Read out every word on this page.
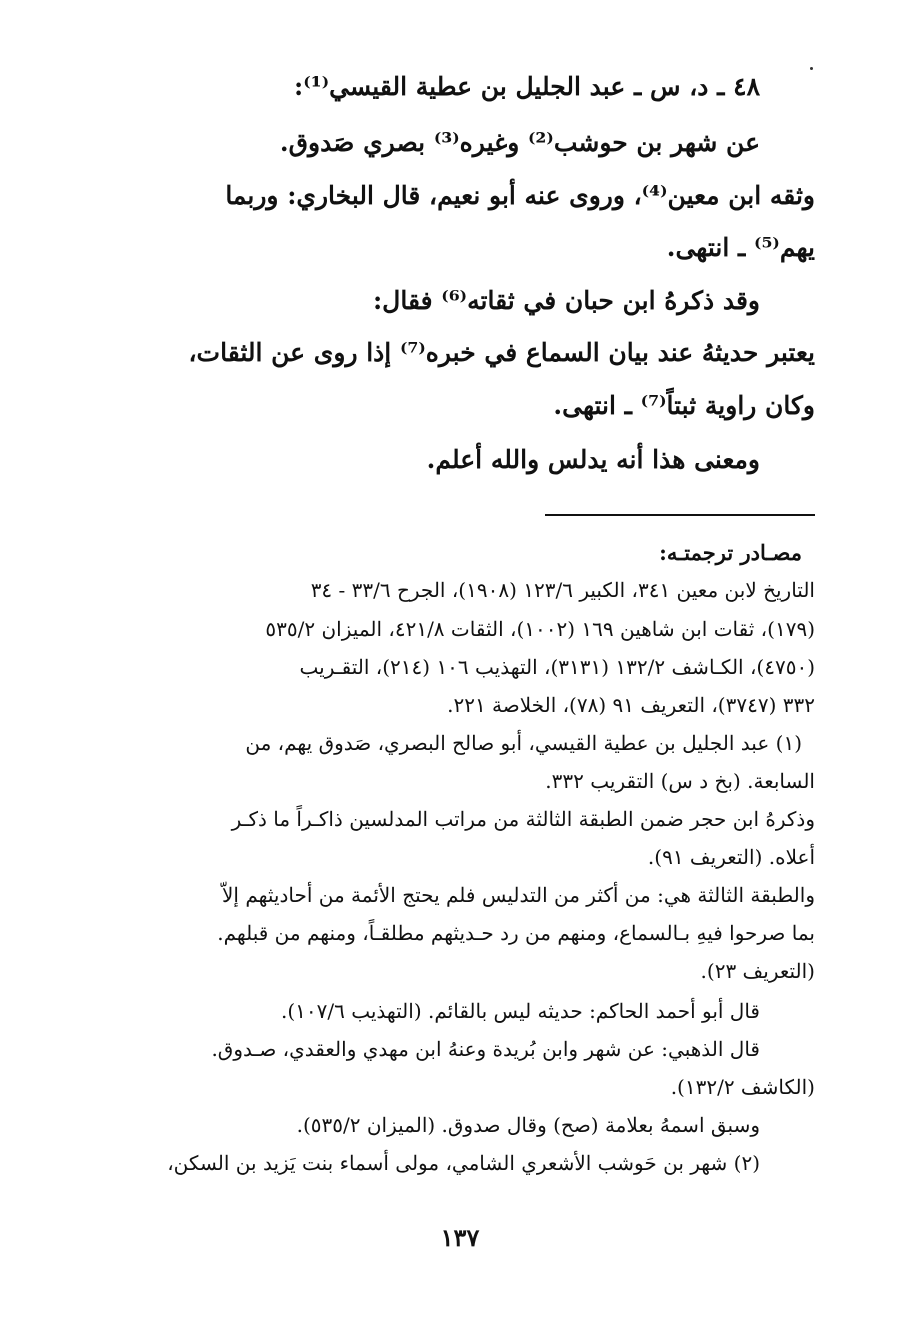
٤٨ ـ د، س ـ عبد الجليل بن عطية القيسي⁽¹⁾:
عن شهر بن حوشب⁽²⁾ وغيره⁽³⁾ بصري صَدوق.
وثقه ابن معين⁽⁴⁾، وروى عنه أبو نعيم، قال البخاري: وربما
يهم⁽⁵⁾ ـ انتهى.
وقد ذكرهُ ابن حبان في ثقاته⁽⁶⁾ فقال:
يعتبر حديثهُ عند بيان السماع في خبره⁽⁷⁾ إذا روى عن الثقات،
وكان راوية ثبتاً⁽⁷⁾ ـ انتهى.
ومعنى هذا أنه يدلس والله أعلم.
مصـادر ترجمتـه:
التاريخ لابن معين ٣٤١، الكبير ١٢٣/٦ (١٩٠٨)، الجرح ٣٣/٦ - ٣٤
(١٧٩)، ثقات ابن شاهين ١٦٩ (١٠٠٢)، الثقات ٤٢١/٨، الميزان ٥٣٥/٢
(٤٧٥٠)، الكـاشف ١٣٢/٢ (٣١٣١)، التهذيب ١٠٦ (٢١٤)، التقـريب
٣٣٢ (٣٧٤٧)، التعريف ٩١ (٧٨)، الخلاصة ٢٢١.
(١) عبد الجليل بن عطية القيسي، أبو صالح البصري، صَدوق يهم، من
السابعة. (بخ د س) التقريب ٣٣٢.
وذكرهُ ابن حجر ضمن الطبقة الثالثة من مراتب المدلسين ذاكـراً ما ذكـر
أعلاه. (التعريف ٩١).
والطبقة الثالثة هي: من أكثر من التدليس فلم يحتج الأئمة من أحاديثهم إلاّ
بما صرحوا فيهِ بـالسماع، ومنهم من رد حـديثهم مطلقـاً، ومنهم من قبلهم.
(التعريف ٢٣).
قال أبو أحمد الحاكم: حديثه ليس بالقائم. (التهذيب ١٠٧/٦).
قال الذهبي: عن شهر وابن بُريدة وعنهُ ابن مهدي والعقدي، صـدوق.
(الكاشف ١٣٢/٢).
وسبق اسمهُ بعلامة (صح) وقال صدوق. (الميزان ٥٣٥/٢).
(٢) شهر بن حَوشب الأشعري الشامي، مولى أسماء بنت يَزيد بن السكن،
١٣٧
